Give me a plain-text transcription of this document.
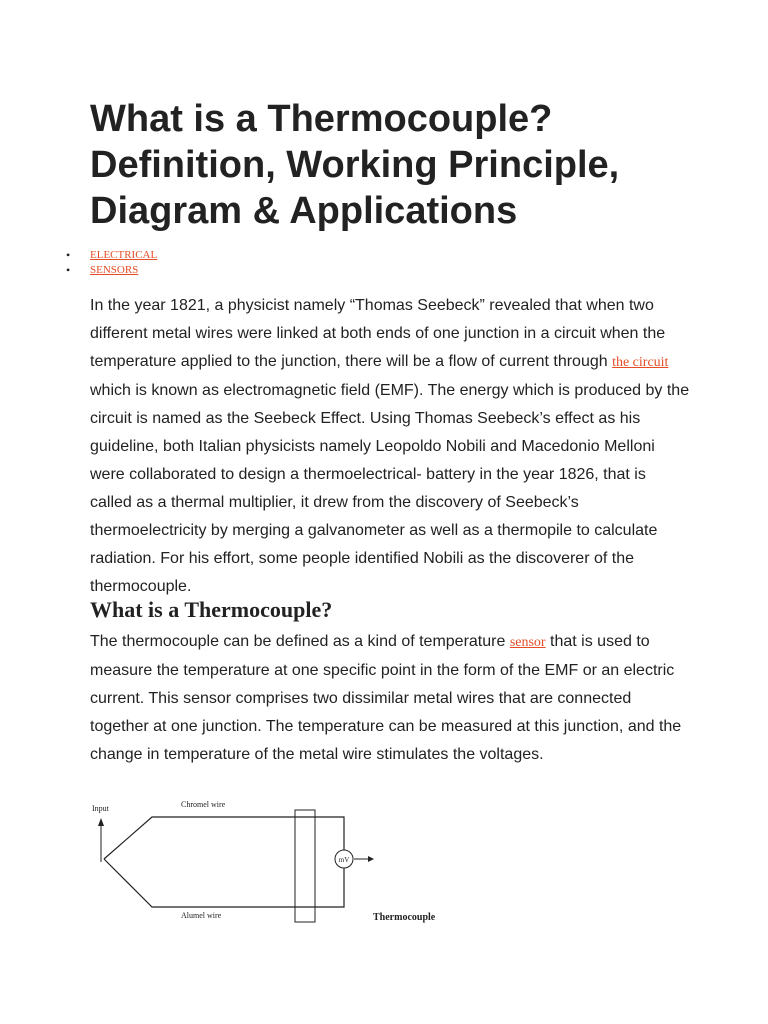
What is a Thermocouple? Definition, Working Principle, Diagram & Applications
• ELECTRICAL
• SENSORS

In the year 1821, a physicist namely “Thomas Seebeck” revealed that when two different metal wires were linked at both ends of one junction in a circuit when the temperature applied to the junction, there will be a flow of current through the circuit which is known as electromagnetic field (EMF). The energy which is produced by the circuit is named as the Seebeck Effect. Using Thomas Seebeck’s effect as his guideline, both Italian physicists namely Leopoldo Nobili and Macedonio Melloni were collaborated to design a thermoelectrical- battery in the year 1826, that is called as a thermal multiplier, it drew from the discovery of Seebeck’s thermoelectricity by merging a galvanometer as well as a thermopile to calculate radiation. For his effort, some people identified Nobili as the discoverer of the thermocouple.

What is a Thermocouple?

The thermocouple can be defined as a kind of temperature sensor that is used to measure the temperature at one specific point in the form of the EMF or an electric current. This sensor comprises two dissimilar metal wires that are connected together at one junction. The temperature can be measured at this junction, and the change in temperature of the metal wire stimulates the voltages.

Input	Chromel wire
Alumel wire
mV
Thermocouple
